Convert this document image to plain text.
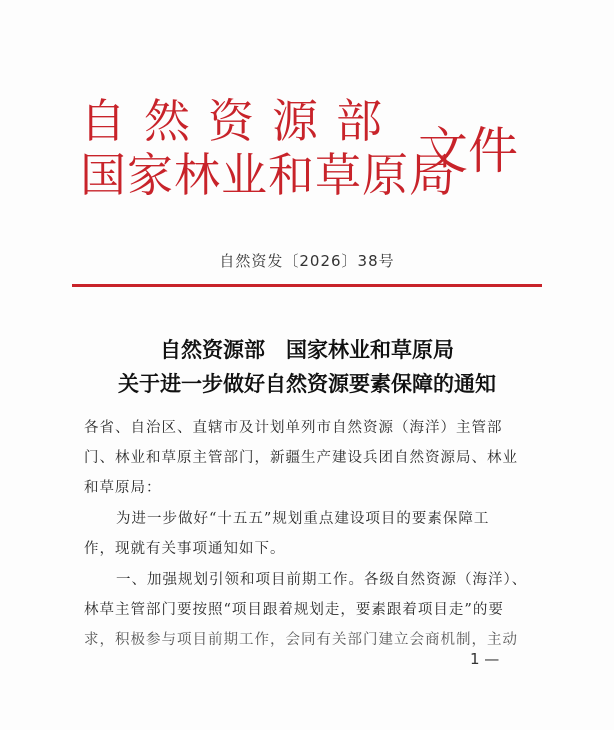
自然资源部
国家林业和草原局
文件
自然资发〔2026〕38号
自然资源部　国家林业和草原局
关于进一步做好自然资源要素保障的通知
各省、自治区、直辖市及计划单列市自然资源（海洋）主管部
门、林业和草原主管部门，新疆生产建设兵团自然资源局、林业
和草原局：
为进一步做好“十五五”规划重点建设项目的要素保障工
作，现就有关事项通知如下。
一、加强规划引领和项目前期工作。各级自然资源（海洋）、
林草主管部门要按照“项目跟着规划走，要素跟着项目走”的要
求，积极参与项目前期工作，会同有关部门建立会商机制，主动
1 —
